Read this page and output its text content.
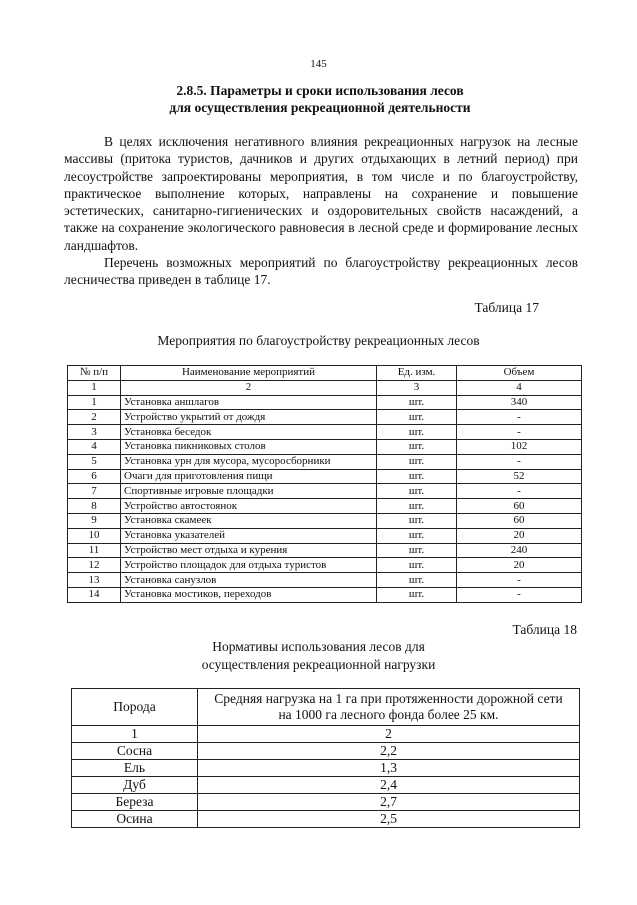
145
2.8.5. Параметры и сроки использования лесов
для осуществления рекреационной деятельности

В целях исключения негативного влияния рекреационных нагрузок на лесные массивы (притока туристов, дачников и других отдыхающих в летний период) при лесоустройстве запроектированы мероприятия, в том числе и по благоустройству, практическое выполнение которых, направлены на сохранение и повышение эстетических, санитарно-гигиенических и оздоровительных свойств насаждений, а также на сохранение экологического равновесия в лесной среде и формирование лесных ландшафтов.

Перечень возможных мероприятий по благоустройству рекреационных лесов лесничества приведен в таблице 17.

Таблица 17
Мероприятия по благоустройству рекреационных лесов
№ п/п	Наименование мероприятий	Ед. изм.	Объем
1	2	3	4
1	Установка аншлагов	шт.	340
2	Устройство укрытий от дождя	шт.	-
3	Установка беседок	шт.	-
4	Установка пикниковых столов	шт.	102
5	Установка урн для мусора, мусоросборники	шт.	-
6	Очаги для приготовления пищи	шт.	52
7	Спортивные игровые площадки	шт.	-
8	Устройство автостоянок	шт.	60
9	Установка скамеек	шт.	60
10	Установка указателей	шт.	20
11	Устройство мест отдыха и курения	шт.	240
12	Устройство площадок для отдыха туристов	шт.	20
13	Установка санузлов	шт.	-
14	Установка мостиков, переходов	шт.	-
Таблица 18
Нормативы использования лесов для
осуществления рекреационной нагрузки
Порода	Средняя нагрузка на 1 га при протяженности дорожной сети на 1000 га лесного фонда более 25 км.
1	2
Сосна	2,2
Ель	1,3
Дуб	2,4
Береза	2,7
Осина	2,5
